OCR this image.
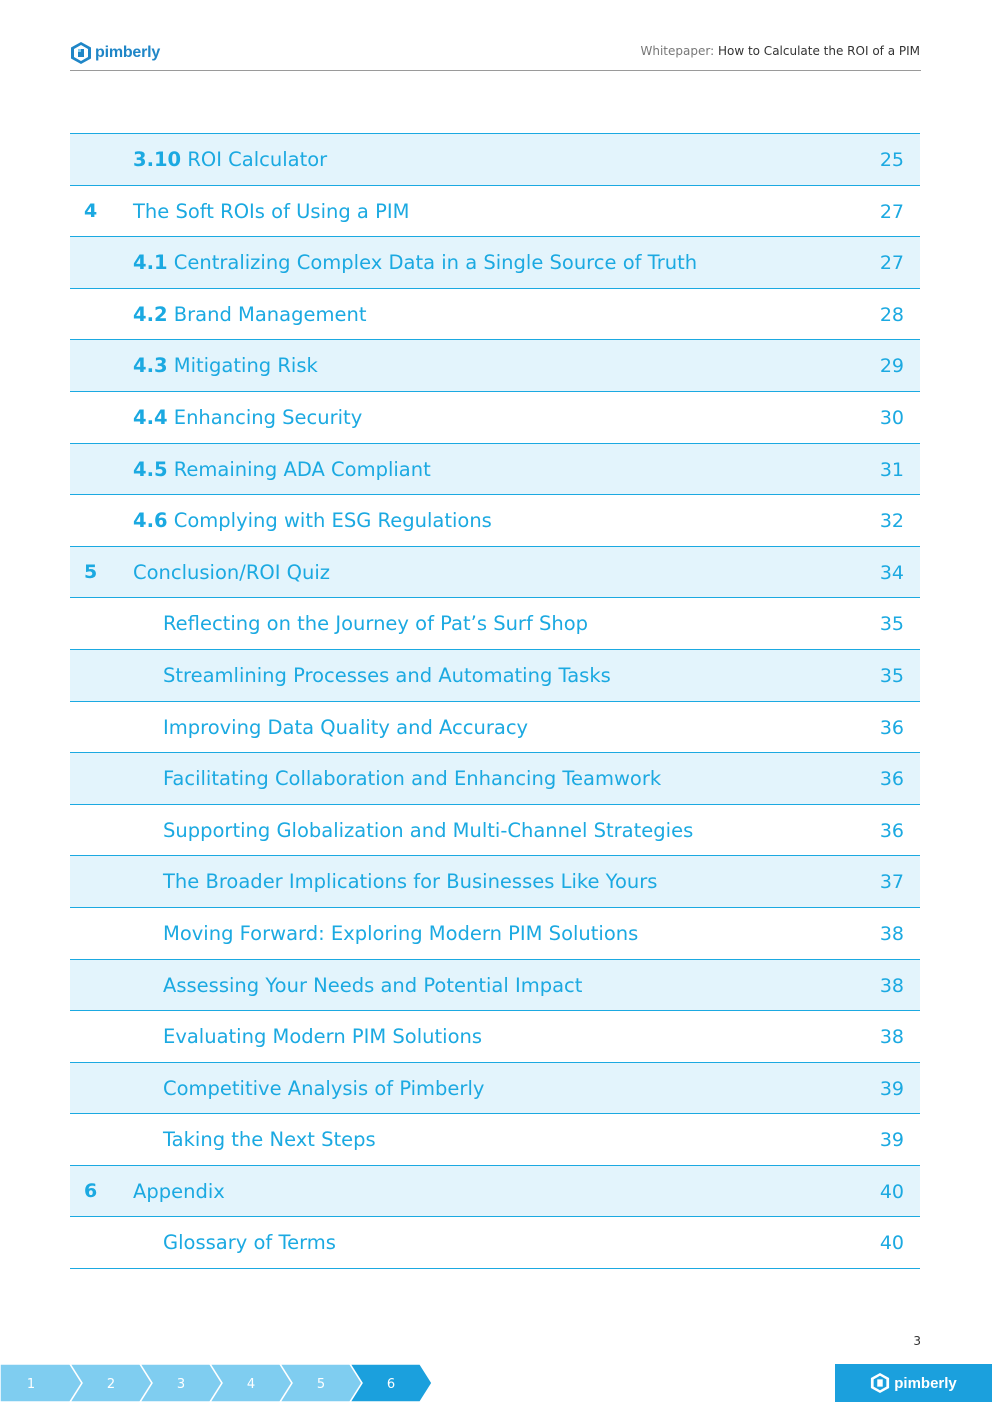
pimberly	Whitepaper: How to Calculate the ROI of a PIM
3.10 ROI Calculator	25
4 The Soft ROIs of Using a PIM	27
4.1 Centralizing Complex Data in a Single Source of Truth	27
4.2 Brand Management	28
4.3 Mitigating Risk	29
4.4 Enhancing Security	30
4.5 Remaining ADA Compliant	31
4.6 Complying with ESG Regulations	32
5 Conclusion/ROI Quiz	34
Reflecting on the Journey of Pat’s Surf Shop	35
Streamlining Processes and Automating Tasks	35
Improving Data Quality and Accuracy	36
Facilitating Collaboration and Enhancing Teamwork	36
Supporting Globalization and Multi-Channel Strategies	36
The Broader Implications for Businesses Like Yours	37
Moving Forward: Exploring Modern PIM Solutions	38
Assessing Your Needs and Potential Impact	38
Evaluating Modern PIM Solutions	38
Competitive Analysis of Pimberly	39
Taking the Next Steps	39
6 Appendix	40
Glossary of Terms	40
3
1	2	3	4	5	6	pimberly
